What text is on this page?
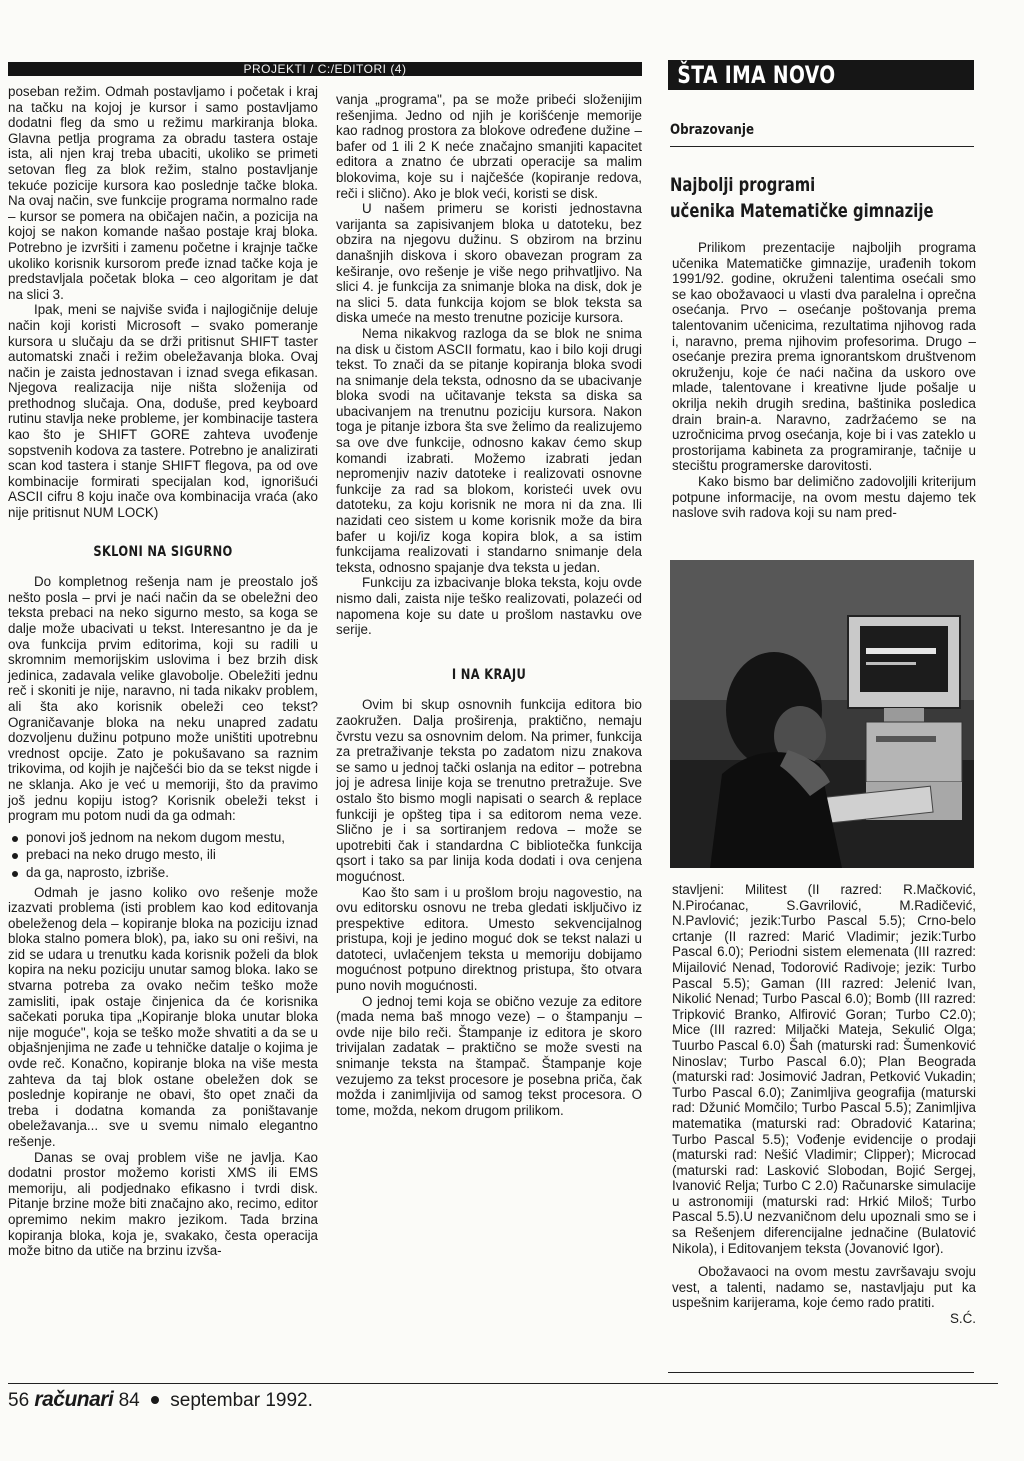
PROJEKTI / C:/EDITORI (4)

poseban režim. Odmah postavljamo i početak i kraj na tačku na kojoj je kursor i samo postavljamo dodatni fleg da smo u režimu markiranja bloka. Glavna petlja programa za obradu tastera ostaje ista, ali njen kraj treba ubaciti, ukoliko se primeti setovan fleg za blok režim, stalno postavljanje tekuće pozicije kursora kao poslednje tačke bloka. Na ovaj način, sve funkcije programa normalno rade – kursor se pomera na običajen način, a pozicija na kojoj se nakon komande našao postaje kraj bloka. Potrebno je izvršiti i zamenu početne i krajnje tačke ukoliko korisnik kursorom pređe iznad tačke koja je predstavljala početak bloka – ceo algoritam je dat na slici 3.

Ipak, meni se najviše sviđa i najlogičnije deluje način koji koristi Microsoft – svako pomeranje kursora u slučaju da se drži pritisnut SHIFT taster automatski znači i režim obeležavanja bloka. Ovaj način je zaista jednostavan i iznad svega efikasan. Njegova realizacija nije ništa složenija od prethodnog slučaja. Ona, doduše, pred keyboard rutinu stavlja neke probleme, jer kombinacije tastera kao što je SHIFT GORE zahteva uvođenje sopstvenih kodova za tastere. Potrebno je analizirati scan kod tastera i stanje SHIFT flegova, pa od ove kombinacije formirati specijalan kod, ignorišući ASCII cifru 8 koju inače ova kombinacija vraća (ako nije pritisnut NUM LOCK)

SKLONI NA SIGURNO

Do kompletnog rešenja nam je preostalo još nešto posla – prvi je naći način da se obeležni deo teksta prebaci na neko sigurno mesto, sa koga se dalje može ubacivati u tekst. Interesantno je da je ova funkcija prvim editorima, koji su radili u skromnim memorijskim uslovima i bez brzih disk jedinica, zadavala velike glavobolje. Obeležiti jednu reč i skoniti je nije, naravno, ni tada nikakv problem, ali šta ako korisnik obeleži ceo tekst? Ograničavanje bloka na neku unapred zadatu dozvoljenu dužinu potpuno može uništiti upotrebnu vrednost opcije. Zato je pokušavano sa raznim trikovima, od kojih je najčešći bio da se tekst nigde i ne sklanja. Ako je već u memoriji, što da pravimo još jednu kopiju istog? Korisnik obeleži tekst i program mu potom nudi da ga odmah:

ponovi još jednom na nekom dugom mestu,
prebaci na neko drugo mesto, ili
da ga, naprosto, izbriše.

Odmah je jasno koliko ovo rešenje može izazvati problema (isti problem kao kod editovanja obeleženog dela – kopiranje bloka na poziciju iznad bloka stalno pomera blok), pa, iako su oni rešivi, na zid se udara u trenutku kada korisnik poželi da blok kopira na neku poziciju unutar samog bloka. Iako se stvarna potreba za ovako nečim teško može zamisliti, ipak ostaje činjenica da će korisnika sačekati poruka tipa „Kopiranje bloka unutar bloka nije moguće", koja se teško može shvatiti a da se u objašnjenjima ne zađe u tehničke datalje o kojima je ovde reč. Konačno, kopiranje bloka na više mesta zahteva da taj blok ostane obeležen dok se poslednje kopiranje ne obavi, što opet znači da treba i dodatna komanda za poništavanje obeležavanja... sve u svemu nimalo elegantno rešenje.

Danas se ovaj problem više ne javlja. Kao dodatni prostor možemo koristi XMS ili EMS memoriju, ali podjednako efikasno i tvrdi disk. Pitanje brzine može biti značajno ako, recimo, editor opremimo nekim makro jezikom. Tada brzina kopiranja bloka, koja je, svakako, česta operacija može bitno da utiče na brzinu izvša-

vanja „programa", pa se može pribeći složenijim rešenjima. Jedno od njih je korišćenje memorije kao radnog prostora za blokove određene dužine – bafer od 1 ili 2 K neće značajno smanjiti kapacitet editora a znatno će ubrzati operacije sa malim blokovima, koje su i najčešće (kopiranje redova, reči i slično). Ako je blok veći, koristi se disk.

U našem primeru se koristi jednostavna varijanta sa zapisivanjem bloka u datoteku, bez obzira na njegovu dužinu. S obzirom na brzinu današnjih diskova i skoro obavezan program za keširanje, ovo rešenje je više nego prihvatljivo. Na slici 4. je funkcija za snimanje bloka na disk, dok je na slici 5. data funkcija kojom se blok teksta sa diska umeće na mesto trenutne pozicije kursora.

Nema nikakvog razloga da se blok ne snima na disk u čistom ASCII formatu, kao i bilo koji drugi tekst. To znači da se pitanje kopiranja bloka svodi na snimanje dela teksta, odnosno da se ubacivanje bloka svodi na učitavanje teksta sa diska sa ubacivanjem na trenutnu poziciju kursora. Nakon toga je pitanje izbora šta sve želimo da realizujemo sa ove dve funkcije, odnosno kakav ćemo skup komandi izabrati. Možemo izabrati jedan nepromenjiv naziv datoteke i realizovati osnovne funkcije za rad sa blokom, koristeći uvek ovu datoteku, za koju korisnik ne mora ni da zna. Ili nazidati ceo sistem u kome korisnik može da bira bafer u koji/iz koga kopira blok, a sa istim funkcijama realizovati i standarno snimanje dela teksta, odnosno spajanje dva teksta u jedan.

Funkciju za izbacivanje bloka teksta, koju ovde nismo dali, zaista nije teško realizovati, polazeći od napomena koje su date u prošlom nastavku ove serije.

I NA KRAJU

Ovim bi skup osnovnih funkcija editora bio zaokružen. Dalja proširenja, praktično, nemaju čvrstu vezu sa osnovnim delom. Na primer, funkcija za pretraživanje teksta po zadatom nizu znakova se samo u jednoj tački oslanja na editor – potrebna joj je adresa linije koja se trenutno pretražuje. Sve ostalo što bismo mogli napisati o search & replace funkciji je opšteg tipa i sa editorom nema veze. Slično je i sa sortiranjem redova – može se upotrebiti čak i standardna C bibliotečka funkcija qsort i tako sa par linija koda dodati i ova cenjena mogućnost.

Kao što sam i u prošlom broju nagovestio, na ovu editorsku osnovu ne treba gledati isključivo iz prespektive editora. Umesto sekvencijalnog pristupa, koji je jedino moguć dok se tekst nalazi u datoteci, uvlačenjem teksta u memoriju dobijamo mogućnost potpuno direktnog pristupa, što otvara puno novih mogućnosti.

O jednoj temi koja se obično vezuje za editore (mada nema baš mnogo veze) – o štampanju – ovde nije bilo reči. Štampanje iz editora je skoro trivijalan zadatak – praktično se može svesti na snimanje teksta na štampač. Štampanje koje vezujemo za tekst procesore je posebna priča, čak možda i zanimljivija od samog tekst procesora. O tome, možda, nekom drugom prilikom.

ŠTA IMA NOVO
Obrazovanje
Najbolji programi
učenika Matematičke gimnazije

Prilikom prezentacije najboljih programa učenika Matematičke gimnazije, urađenih tokom 1991/92. godine, okruženi talentima osećali smo se kao obožavaoci u vlasti dva paralelna i oprečna osećanja. Prvo – osećanje poštovanja prema talentovanim učenicima, rezultatima njihovog rada i, naravno, prema njihovim profesorima. Drugo – osećanje prezira prema ignorantskom društvenom okruženju, koje će naći načina da uskoro ove mlade, talentovane i kreativne ljude pošalje u okrilja nekih drugih sredina, baštinika posledica drain brain-a. Naravno, zadržaćemo se na uzročnicima prvog osećanja, koje bi i vas zateklo u prostorijama kabineta za programiranje, tačnije u stecištu programerske darovitosti.

Kako bismo bar delimično zadovoljili kriterijum potpune informacije, na ovom mestu dajemo tek naslove svih radova koji su nam pred-

stavljeni: Militest (II razred: R.Mačković, N.Piroćanac, S.Gavrilović, M.Radičević, N.Pavlović; jezik:Turbo Pascal 5.5); Crno-belo crtanje (II razred: Marić Vladimir; jezik:Turbo Pascal 6.0); Periodni sistem elemenata (III razred: Mijailović Nenad, Todorović Radivoje; jezik: Turbo Pascal 5.5); Gaman (III razred: Jelenić Ivan, Nikolić Nenad; Turbo Pascal 6.0); Bomb (III razred: Tripković Branko, Alfirović Goran; Turbo C2.0); Mice (III razred: Miljački Mateja, Sekulić Olga; Tuurbo Pascal 6.0) Šah (maturski rad: Šumenković Ninoslav; Turbo Pascal 6.0); Plan Beograda (maturski rad: Josimović Jadran, Petković Vukadin; Turbo Pascal 6.0); Zanimljiva geografija (maturski rad: Džunić Momčilo; Turbo Pascal 5.5); Zanimljiva matematika (maturski rad: Obradović Katarina; Turbo Pascal 5.5); Vođenje evidencije o prodaji (maturski rad: Nešić Vladimir; Clipper); Microcad (maturski rad: Lasković Slobodan, Bojić Sergej, Ivanović Relja; Turbo C 2.0) Računarske simulacije u astronomiji (maturski rad: Hrkić Miloš; Turbo Pascal 5.5).U nezvaničnom delu upoznali smo se i sa Rešenjem diferencijalne jednačine (Bulatović Nikola), i Editovanjem teksta (Jovanović Igor).

Obožavaoci na ovom mestu završavaju svoju vest, a talenti, nadamo se, nastavljaju put ka uspešnim karijerama, koje ćemo rado pratiti.

S.Ć.
56 računari 84 septembar 1992.
